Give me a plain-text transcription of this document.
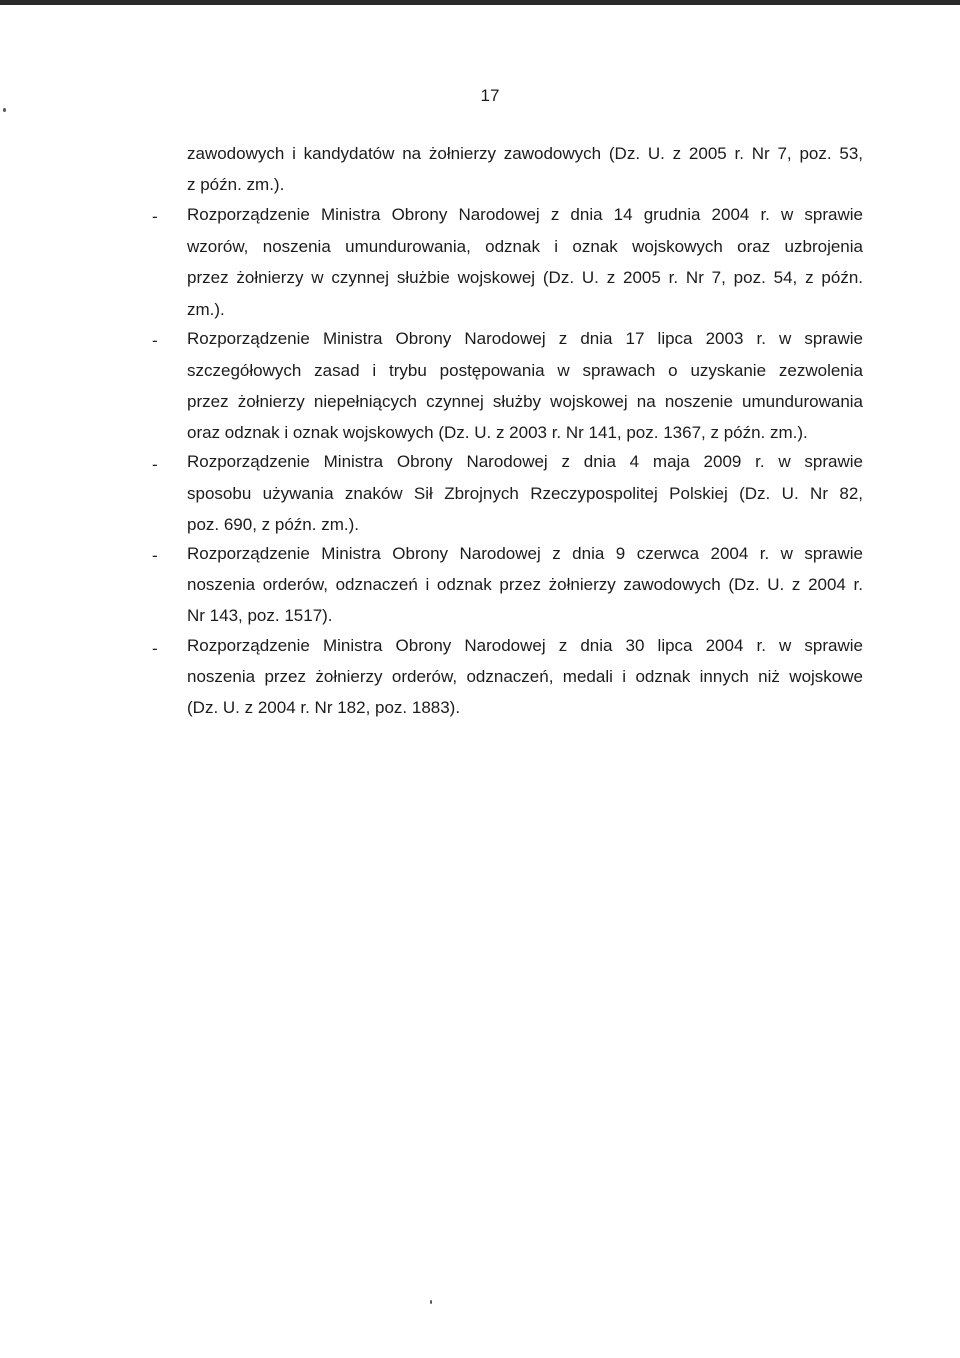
17
zawodowych i kandydatów na żołnierzy zawodowych (Dz. U. z 2005 r. Nr 7, poz. 53,
z późn. zm.).
- Rozporządzenie Ministra Obrony Narodowej z dnia 14 grudnia 2004 r. w sprawie
wzorów, noszenia umundurowania, odznak i oznak wojskowych oraz uzbrojenia
przez żołnierzy w czynnej służbie wojskowej (Dz. U. z 2005 r. Nr 7, poz. 54, z późn.
zm.).
- Rozporządzenie Ministra Obrony Narodowej z dnia 17 lipca 2003 r. w sprawie
szczegółowych zasad i trybu postępowania w sprawach o uzyskanie zezwolenia
przez żołnierzy niepełniących czynnej służby wojskowej na noszenie umundurowania
oraz odznak i oznak wojskowych (Dz. U. z 2003 r. Nr 141, poz. 1367, z późn. zm.).
- Rozporządzenie Ministra Obrony Narodowej z dnia 4 maja 2009 r. w sprawie
sposobu używania znaków Sił Zbrojnych Rzeczypospolitej Polskiej (Dz. U. Nr 82,
poz. 690, z późn. zm.).
- Rozporządzenie Ministra Obrony Narodowej z dnia 9 czerwca 2004 r. w sprawie
noszenia orderów, odznaczeń i odznak przez żołnierzy zawodowych (Dz. U. z 2004 r.
Nr 143, poz. 1517).
- Rozporządzenie Ministra Obrony Narodowej z dnia 30 lipca 2004 r. w sprawie
noszenia przez żołnierzy orderów, odznaczeń, medali i odznak innych niż wojskowe
(Dz. U. z 2004 r. Nr 182, poz. 1883).
